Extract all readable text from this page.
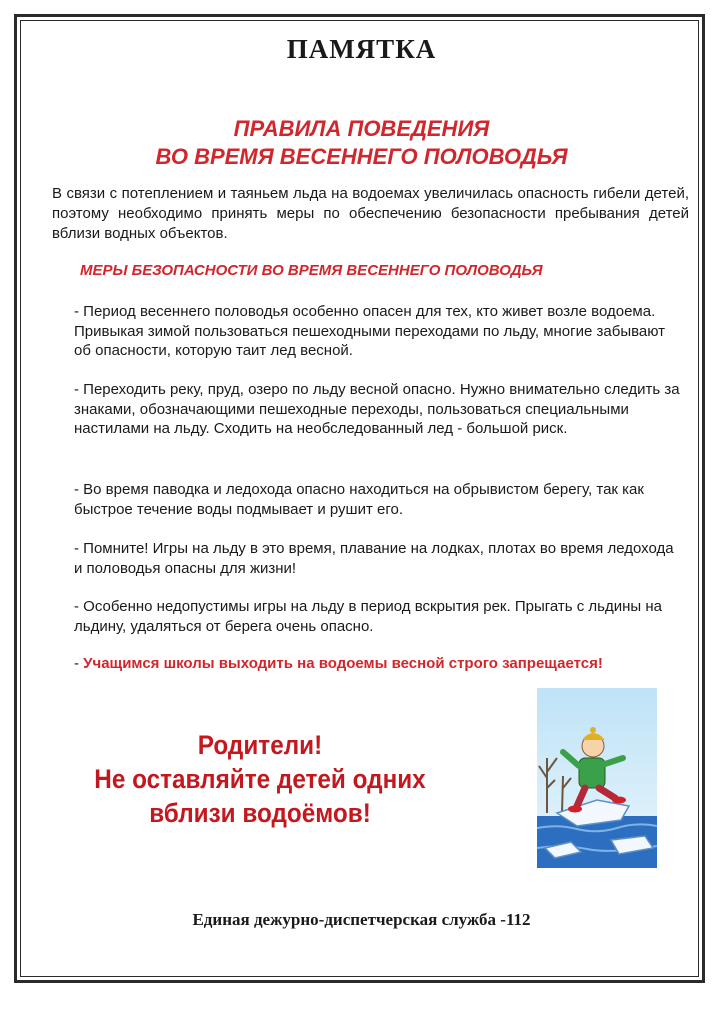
ПАМЯТКА
ПРАВИЛА ПОВЕДЕНИЯ
ВО ВРЕМЯ ВЕСЕННЕГО ПОЛОВОДЬЯ
В связи с потеплением и таяньем льда на водоемах увеличилась опасность гибели детей, поэтому необходимо принять меры по обеспечению безопасности пребывания детей вблизи водных объектов.
МЕРЫ БЕЗОПАСНОСТИ ВО ВРЕМЯ ВЕСЕННЕГО ПОЛОВОДЬЯ
- Период весеннего половодья особенно опасен для тех, кто живет возле водоема. Привыкая зимой пользоваться пешеходными переходами по льду, многие забывают об опасности, которую таит лед весной.
- Переходить реку, пруд, озеро по льду весной опасно. Нужно внимательно следить за знаками, обозначающими пешеходные переходы, пользоваться специальными настилами на льду. Сходить на необследованный лед - большой риск.
- Во время паводка и ледохода опасно находиться на обрывистом берегу, так как быстрое течение воды подмывает и рушит его.
- Помните! Игры на льду в это время, плавание на лодках, плотах во время ледохода и половодья опасны для жизни!
- Особенно недопустимы игры на льду в период вскрытия рек. Прыгать с льдины на льдину, удаляться от берега очень опасно.
- Учащимся школы выходить на водоемы весной строго запрещается!
Родители!
Не оставляйте детей одних
вблизи водоёмов!
Единая дежурно-диспетчерская служба -112
